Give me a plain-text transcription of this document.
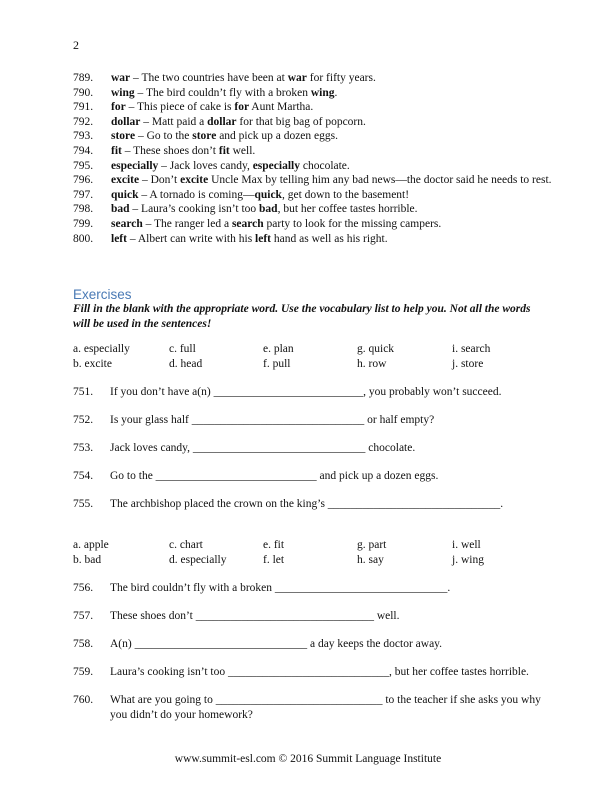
2
789.	war – The two countries have been at war for fifty years.
790.	wing – The bird couldn’t fly with a broken wing.
791.	for – This piece of cake is for Aunt Martha.
792.	dollar – Matt paid a dollar for that big bag of popcorn.
793.	store – Go to the store and pick up a dozen eggs.
794.	fit – These shoes don’t fit well.
795.	especially – Jack loves candy, especially chocolate.
796.	excite – Don’t excite Uncle Max by telling him any bad news—the doctor said he needs to rest.
797.	quick – A tornado is coming—quick, get down to the basement!
798.	bad – Laura’s cooking isn’t too bad, but her coffee tastes horrible.
799.	search – The ranger led a search party to look for the missing campers.
800.	left – Albert can write with his left hand as well as his right.
Exercises
Fill in the blank with the appropriate word. Use the vocabulary list to help you. Not all the words will be used in the sentences!
a. especially	c. full	e. plan	g. quick	i. search
b. excite	d. head	f. pull	h. row	j. store
751. If you don’t have a(n) __________________________, you probably won’t succeed.
752. Is your glass half ______________________________ or half empty?
753. Jack loves candy, ______________________________ chocolate.
754. Go to the ____________________________ and pick up a dozen eggs.
755. The archbishop placed the crown on the king’s ______________________________.
a. apple	c. chart	e. fit	g. part	i. well
b. bad	d. especially	f. let	h. say	j. wing
756. The bird couldn’t fly with a broken ______________________________.
757. These shoes don’t _______________________________ well.
758. A(n) ______________________________ a day keeps the doctor away.
759. Laura’s cooking isn’t too ____________________________, but her coffee tastes horrible.
760. What are you going to _____________________________ to the teacher if she asks you why you didn’t do your homework?
www.summit-esl.com © 2016 Summit Language Institute
